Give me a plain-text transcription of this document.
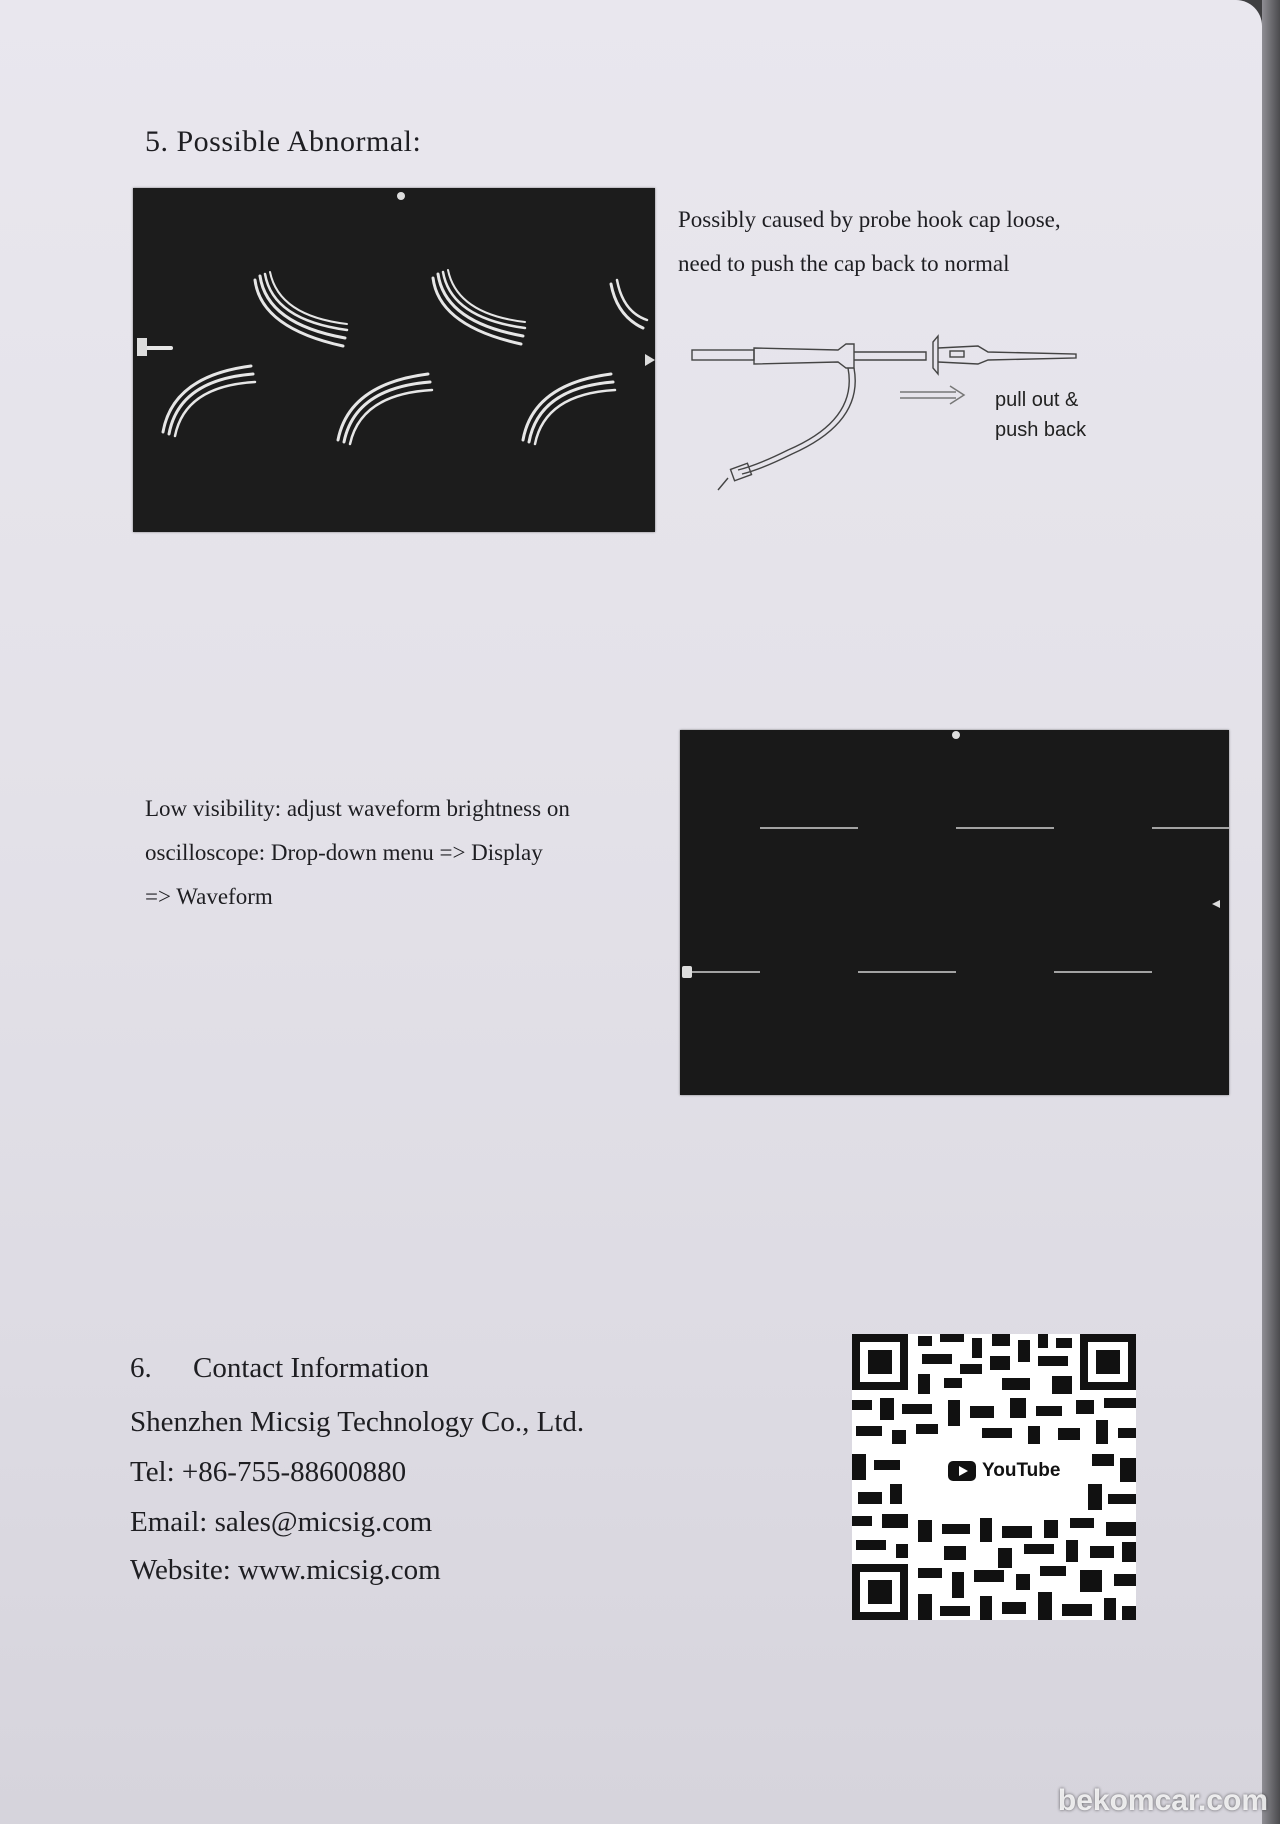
5. Possible Abnormal:
Possibly caused by probe hook cap loose,
need to push the cap back to normal
pull out &
push back
Low visibility: adjust waveform brightness on
oscilloscope: Drop-down menu => Display
=> Waveform
6. Contact Information
Shenzhen Micsig Technology Co., Ltd.
Tel: +86-755-88600880
Email: sales@micsig.com
Website: www.micsig.com
YouTube
bekomcar.com
